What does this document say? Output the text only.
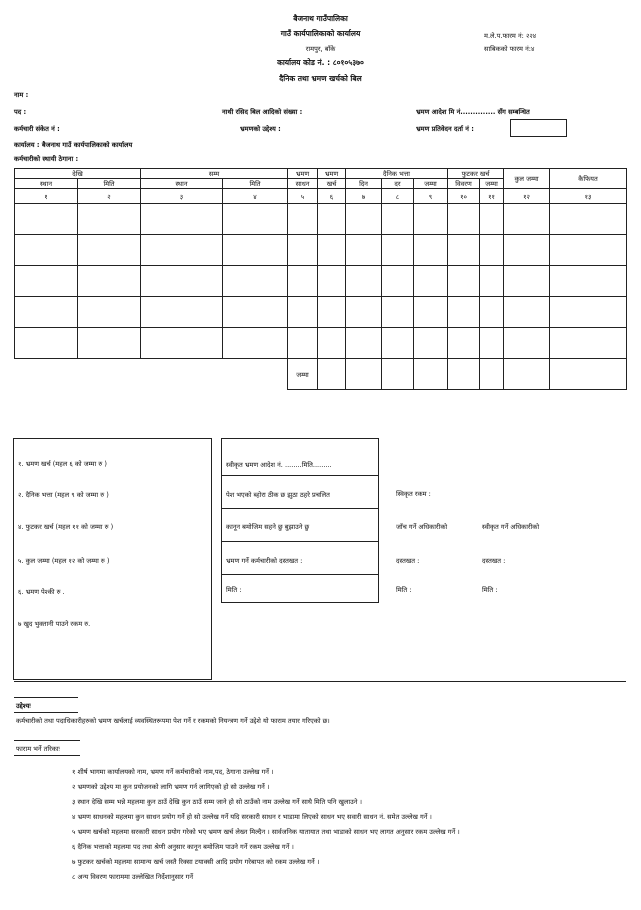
बैजनाथ गाउँपालिका
गाउँ कार्यपालिकाको कार्यालय
रामपुर, बाँके
कार्यालय कोड नं. : ८०१०५३७०
दैनिक तथा भ्रमण खर्चको बिल
म.ले.प.फारम नं: २२४
साबिकको फारम नं:४
नाम :
पद :	नाथी रसिद बिल आदिको संख्या :	भ्रमण आदेश मि नं.............. सँग सम्बन्धित
कर्मचारी संकेत नं :	भ्रमणको उद्देश्य :	भ्रमण प्रतिवेदन दर्ता नं :
कार्यालय : बैजनाथ गाउँ कार्यपालिकाको कार्यालय
कर्मचारीको स्थायी ठेगाना :
देखि		सम्म		भ्रमण	भ्रमण	दैनिक भत्ता			फुटकर खर्च		कुल जम्मा	कैफियत
स्थान	मिति	स्थान	मिति	साधन	खर्च	दिन	दर	जम्मा	विवरण	जम्मा		
१	२	३	४	५	६	७	८	९	१०	११	१२	१३

				जम्मा								
१. भ्रमण खर्च (महल ६ को जम्मा रु )
२. दैनिक भत्ता (महल ९ को जम्मा रु )
४. फुटकर खर्च (महल ११ को जम्मा रु )
५. कुल जम्मा (महल १२ को जम्मा रु )
६. भ्रमण पेश्की रु .
७ खुद भुक्तानी पाउने रकम रु.
स्वीकृत भ्रमण आदेश नं. ........मिति.........
पेश भएको ब्होरा ठीक छ झुठा ठहरे प्रचलित
कानून बमोजिम सहने छु बुझाउने छु
भ्रमण गर्ने कर्मचारीको दस्तखत :
मिति :
स्विकृत रकम :
जाँच गर्ने अधिकारीको	स्वीकृत गर्ने अधिकारीको
दस्तखत :	दस्तखत :
मिति :	मिति :
उद्देश्यः
कर्मचारीको तथा पदाधिकारीहरुको भ्रमण खर्चलाई व्यवस्थितरूपमा पेश गर्ने र रकमको नियन्त्रण गर्ने उद्देशे यो फाराम तयार गरिएको छ।
फाराम भर्ने तरिकाः
१ शीर्ष भागमा कार्यालयको नाम, भ्रमण गर्ने कर्मचारीको नाम,पद, ठेगाना उल्लेख गर्ने ।
२ भ्रमणको उद्देश्य मा कुन प्रयोजनको लागि भ्रमण गर्न लागिएको हो सो उल्लेख गर्ने ।
३ स्थान देखि सम्म भन्ने महलमा कुन ठाउँ देखि कुन ठाउँ सम्म जाने हो सो ठाउँको नाम उल्लेख गर्ने साथै मिति पनि खुलाउने ।
४ भ्रमण साधनको महलमा कुन साधन प्रयोग गर्ने हो सो उल्लेख गर्ने यदि सरकारी साधन र भाडामा लिएको साधन भए सवारी साधन नं. समेत उल्लेख गर्ने ।
५ भ्रमण खर्चको महलमा सरकारी साधन प्रयोग गरेको भए भ्रमण खर्च लेख्न मिल्दैन । सार्वजनिक यातायात तथा भाडाको साधन भए लागत अनुसार रकम उल्लेख गर्ने ।
६ दैनिक भत्ताको महलमा पद तथा श्रेणी अनुसार कानून बमोजिम पाउने गर्ने रकम उल्लेख गर्ने ।
७ फुटकर खर्चको महलमा सामान्य खर्च जस्तै रिक्सा टयाक्सी आदि प्रयोग गरेबापत को रकम उल्लेख गर्ने ।
८ अन्य विवरण फाराममा उल्लेखित निर्देशानुसार गर्ने
